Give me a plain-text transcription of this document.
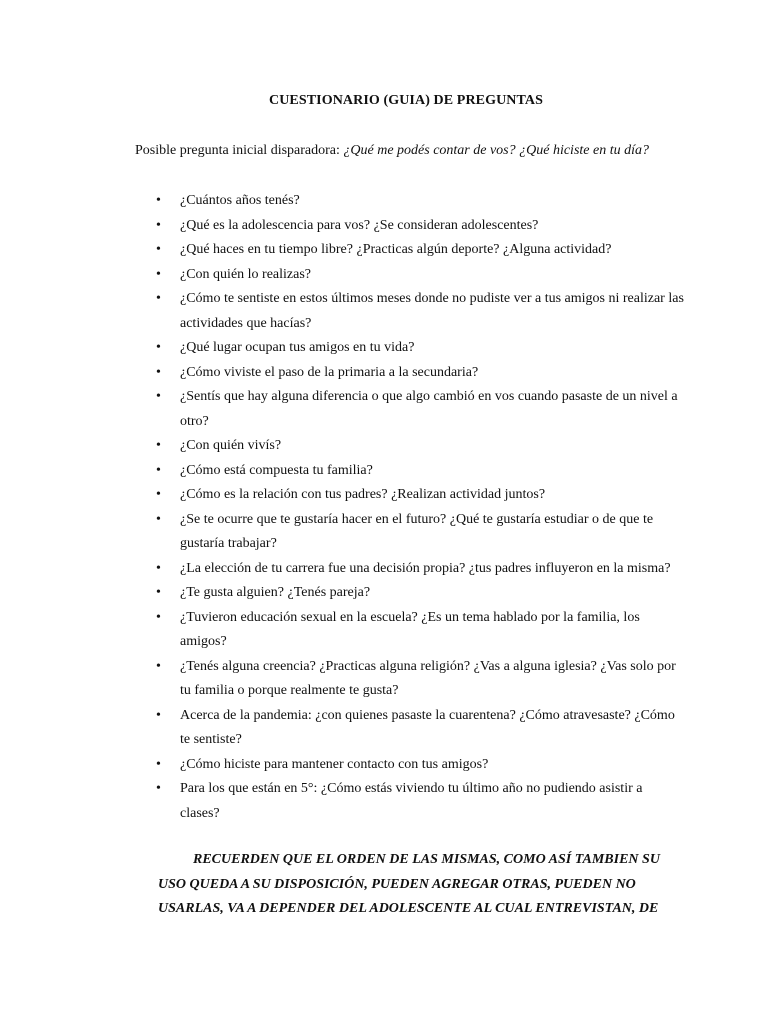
CUESTIONARIO (GUIA) DE PREGUNTAS
Posible pregunta inicial disparadora: ¿Qué me podés contar de vos? ¿Qué hiciste en tu día?
• ¿Cuántos años tenés?
• ¿Qué es la adolescencia para vos? ¿Se consideran adolescentes?
• ¿Qué haces en tu tiempo libre? ¿Practicas algún deporte? ¿Alguna actividad?
• ¿Con quién lo realizas?
• ¿Cómo te sentiste en estos últimos meses donde no pudiste ver a tus amigos ni realizar las actividades que hacías?
• ¿Qué lugar ocupan tus amigos en tu vida?
• ¿Cómo viviste el paso de la primaria a la secundaria?
• ¿Sentís que hay alguna diferencia o que algo cambió en vos cuando pasaste de un nivel a otro?
• ¿Con quién vivís?
• ¿Cómo está compuesta tu familia?
• ¿Cómo es la relación con tus padres? ¿Realizan actividad juntos?
• ¿Se te ocurre que te gustaría hacer en el futuro? ¿Qué te gustaría estudiar o de que te gustaría trabajar?
• ¿La elección de tu carrera fue una decisión propia? ¿tus padres influyeron en la misma?
• ¿Te gusta alguien? ¿Tenés pareja?
• ¿Tuvieron educación sexual en la escuela? ¿Es un tema hablado por la familia, los amigos?
• ¿Tenés alguna creencia? ¿Practicas alguna religión? ¿Vas a alguna iglesia? ¿Vas solo por tu familia o porque realmente te gusta?
• Acerca de la pandemia: ¿con quienes pasaste la cuarentena? ¿Cómo atravesaste? ¿Cómo te sentiste?
• ¿Cómo hiciste para mantener contacto con tus amigos?
• Para los que están en 5°: ¿Cómo estás viviendo tu último año no pudiendo asistir a clases?
RECUERDEN QUE EL ORDEN DE LAS MISMAS, COMO ASÍ TAMBIEN SU USO QUEDA A SU DISPOSICIÓN, PUEDEN AGREGAR OTRAS, PUEDEN NO USARLAS, VA A DEPENDER DEL ADOLESCENTE AL CUAL ENTREVISTAN, DE
